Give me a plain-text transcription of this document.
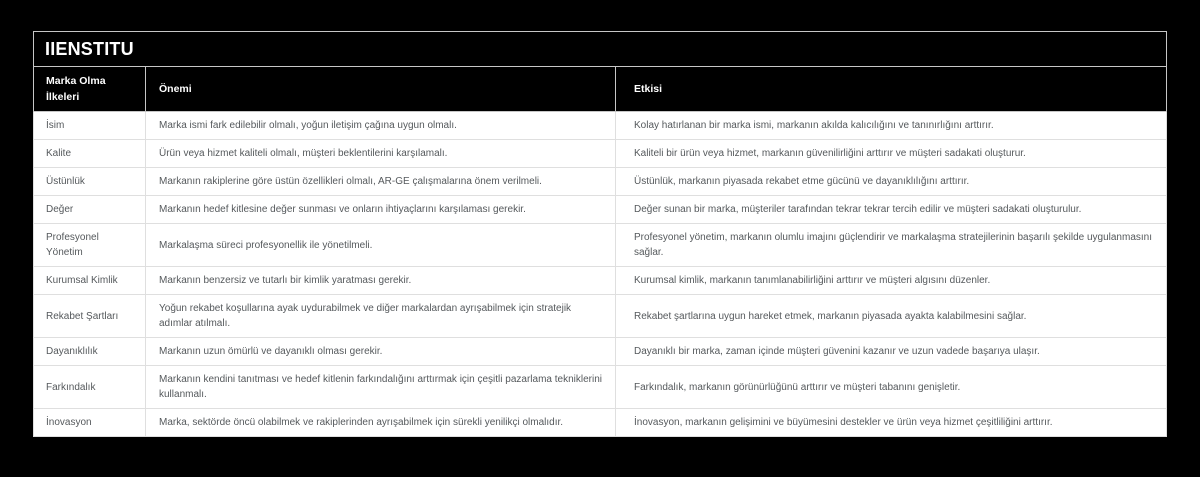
IIENSTITU		
Marka Olma İlkeleri	Önemi	Etkisi
İsim	Marka ismi fark edilebilir olmalı, yoğun iletişim çağına uygun olmalı.	Kolay hatırlanan bir marka ismi, markanın akılda kalıcılığını ve tanınırlığını arttırır.
Kalite	Ürün veya hizmet kaliteli olmalı, müşteri beklentilerini karşılamalı.	Kaliteli bir ürün veya hizmet, markanın güvenilirliğini arttırır ve müşteri sadakati oluşturur.
Üstünlük	Markanın rakiplerine göre üstün özellikleri olmalı, AR-GE çalışmalarına önem verilmeli.	Üstünlük, markanın piyasada rekabet etme gücünü ve dayanıklılığını arttırır.
Değer	Markanın hedef kitlesine değer sunması ve onların ihtiyaçlarını karşılaması gerekir.	Değer sunan bir marka, müşteriler tarafından tekrar tekrar tercih edilir ve müşteri sadakati oluşturulur.
Profesyonel Yönetim	Markalaşma süreci profesyonellik ile yönetilmeli.	Profesyonel yönetim, markanın olumlu imajını güçlendirir ve markalaşma stratejilerinin başarılı şekilde uygulanmasını sağlar.
Kurumsal Kimlik	Markanın benzersiz ve tutarlı bir kimlik yaratması gerekir.	Kurumsal kimlik, markanın tanımlanabilirliğini arttırır ve müşteri algısını düzenler.
Rekabet Şartları	Yoğun rekabet koşullarına ayak uydurabilmek ve diğer markalardan ayrışabilmek için stratejik adımlar atılmalı.	Rekabet şartlarına uygun hareket etmek, markanın piyasada ayakta kalabilmesini sağlar.
Dayanıklılık	Markanın uzun ömürlü ve dayanıklı olması gerekir.	Dayanıklı bir marka, zaman içinde müşteri güvenini kazanır ve uzun vadede başarıya ulaşır.
Farkındalık	Markanın kendini tanıtması ve hedef kitlenin farkındalığını arttırmak için çeşitli pazarlama tekniklerini kullanmalı.	Farkındalık, markanın görünürlüğünü arttırır ve müşteri tabanını genişletir.
İnovasyon	Marka, sektörde öncü olabilmek ve rakiplerinden ayrışabilmek için sürekli yenilikçi olmalıdır.	İnovasyon, markanın gelişimini ve büyümesini destekler ve ürün veya hizmet çeşitliliğini arttırır.
